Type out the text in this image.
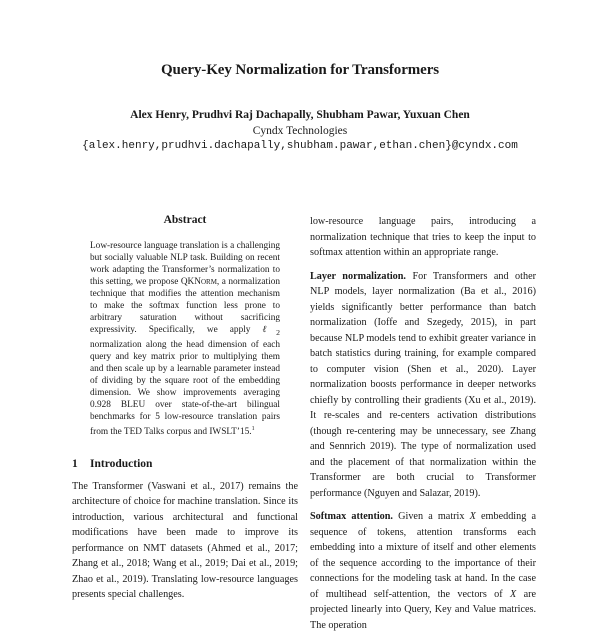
Query-Key Normalization for Transformers
Alex Henry, Prudhvi Raj Dachapally, Shubham Pawar, Yuxuan Chen
Cyndx Technologies
{alex.henry,prudhvi.dachapally,shubham.pawar,ethan.chen}@cyndx.com
Abstract

Low-resource language translation is a challenging but socially valuable NLP task. Building on recent work adapting the Transformer’s normalization to this setting, we propose QKNorm, a normalization technique that modifies the attention mechanism to make the softmax function less prone to arbitrary saturation without sacrificing expressivity. Specifically, we apply ℓ$_2$ normalization along the head dimension of each query and key matrix prior to multiplying them and then scale up by a learnable parameter instead of dividing by the square root of the embedding dimension. We show improvements averaging 0.928 BLEU over state-of-the-art bilingual benchmarks for 5 low-resource translation pairs from the TED Talks corpus and IWSLT’15.$^1$

1 Introduction

The Transformer (Vaswani et al., 2017) remains the architecture of choice for machine translation. Since its introduction, various architectural and functional modifications have been made to improve its performance on NMT datasets (Ahmed et al., 2017; Zhang et al., 2018; Wang et al., 2019; Dai et al., 2019; Zhao et al., 2019). Translating low-resource languages presents special challenges.

low-resource language pairs, introducing a normalization technique that tries to keep the input to softmax attention within an appropriate range.

Layer normalization. For Transformers and other NLP models, layer normalization (Ba et al., 2016) yields significantly better performance than batch normalization (Ioffe and Szegedy, 2015), in part because NLP models tend to exhibit greater variance in batch statistics during training, for example compared to computer vision (Shen et al., 2020). Layer normalization boosts performance in deeper networks chiefly by controlling their gradients (Xu et al., 2019). It re-scales and re-centers activation distributions (though re-centering may be unnecessary, see Zhang and Sennrich 2019). The type of normalization used and the placement of that normalization within the Transformer are both crucial to Transformer performance (Nguyen and Salazar, 2019).

Softmax attention. Given a matrix X embedding a sequence of tokens, attention transforms each embedding into a mixture of itself and other elements of the sequence according to the importance of their connections for the modeling task at hand. In the case of multihead self-attention, the vectors of X are projected linearly into Query, Key and Value matrices. The operation
